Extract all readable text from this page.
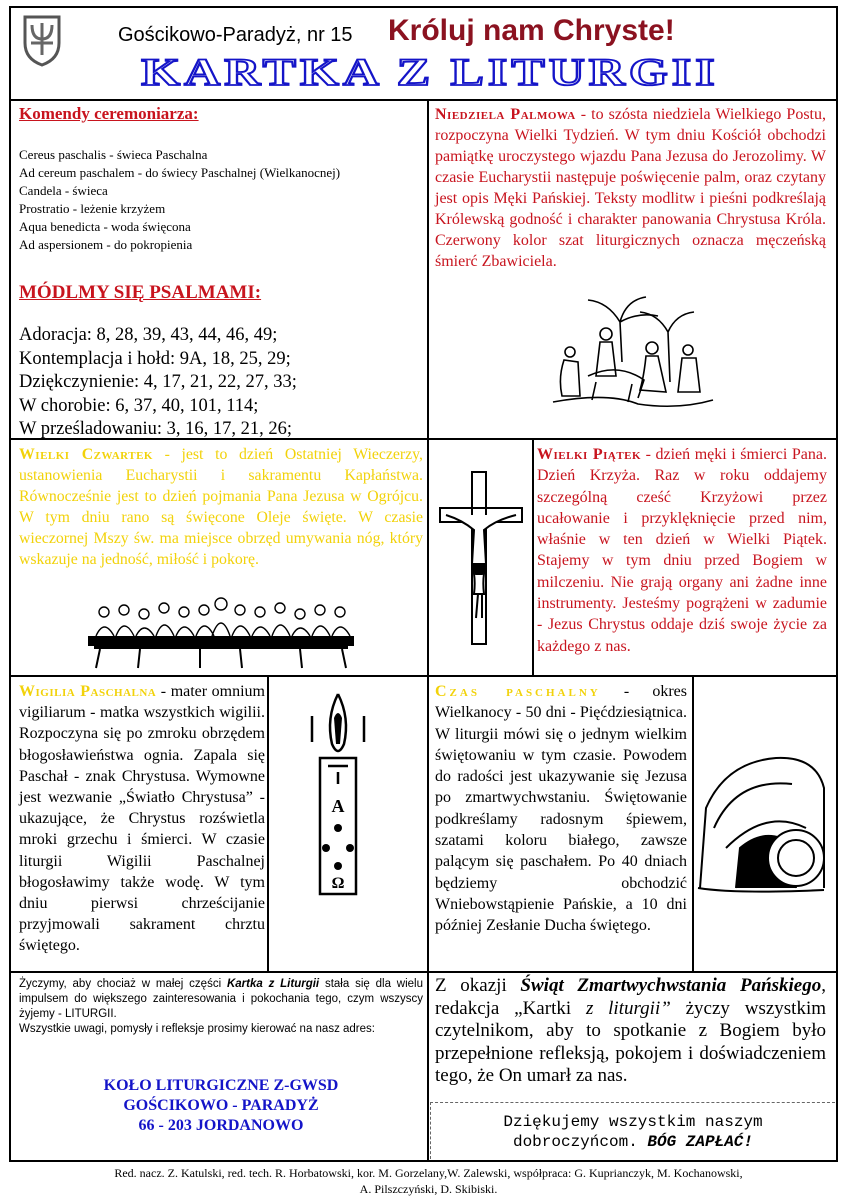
Gościkowo-Paradyż, nr 15 Króluj nam Chryste!
KARTKA Z LITURGII
Komendy ceremoniarza:
Cereus paschalis - świeca Paschalna
Ad cereum paschalem - do świecy Paschalnej (Wielkanocnej)
Candela - świeca
Prostratio - leżenie krzyżem
Aqua benedicta - woda święcona
Ad aspersionem - do pokropienia
MÓDLMY SIĘ PSALMAMI:
Adoracja: 8, 28, 39, 43, 44, 46, 49;
Kontemplacja i hołd: 9A, 18, 25, 29;
Dziękczynienie: 4, 17, 21, 22, 27, 33;
W chorobie: 6, 37, 40, 101, 114;
W prześladowaniu: 3, 16, 17, 21, 26;
Niedziela Palmowa - to szósta niedziela Wielkiego Postu, rozpoczyna Wielki Tydzień. W tym dniu Kościół obchodzi pamiątkę uroczystego wjazdu Pana Jezusa do Jerozolimy. W czasie Eucharystii następuje poświęcenie palm, oraz czytany jest opis Męki Pańskiej. Teksty modlitw i pieśni podkreślają Królewską godność i charakter panowania Chrystusa Króla. Czerwony kolor szat liturgicznych oznacza męczeńską śmierć Zbawiciela.
Wielki Czwartek - jest to dzień Ostatniej Wieczerzy, ustanowienia Eucharystii i sakramentu Kapłaństwa. Równocześnie jest to dzień pojmania Pana Jezusa w Ogrójcu. W tym dniu rano są święcone Oleje święte. W czasie wieczornej Mszy św. ma miejsce obrzęd umywania nóg, który wskazuje na jedność, miłość i pokorę.
Wielki Piątek - dzień męki i śmierci Pana. Dzień Krzyża. Raz w roku oddajemy szczególną cześć Krzyżowi przez ucałowanie i przyklęknięcie przed nim, właśnie w ten dzień w Wielki Piątek. Stajemy w tym dniu przed Bogiem w milczeniu. Nie grają organy ani żadne inne instrumenty. Jesteśmy pogrążeni w zadumie - Jezus Chrystus oddaje dziś swoje życie za każdego z nas.
Wigilia Paschalna - mater omnium vigiliarum - matka wszystkich wigilii. Rozpoczyna się po zmroku obrzędem błogosławieństwa ognia. Zapala się Paschał - znak Chrystusa. Wymowne jest wezwanie „Światło Chrystusa” - ukazujące, że Chrystus rozświetla mroki grzechu i śmierci. W czasie liturgii Wigilii Paschalnej błogosławimy także wodę. W tym dniu pierwsi chrześcijanie przyjmowali sakrament chrztu świętego.
A
Ω
Czas paschalny - okres Wielkanocy - 50 dni - Pięćdziesiątnica. W liturgii mówi się o jednym wielkim świętowaniu w tym czasie. Powodem do radości jest ukazywanie się Jezusa po zmartwychwstaniu. Świętowanie podkreślamy radosnym śpiewem, szatami koloru białego, zawsze palącym się paschałem. Po 40 dniach będziemy obchodzić Wniebowstąpienie Pańskie, a 10 dni później Zesłanie Ducha świętego.
Życzymy, aby chociaż w małej części Kartka z Liturgii stała się dla wielu impulsem do większego zainteresowania i pokochania tego, czym wszyscy żyjemy - LITURGII.
Wszystkie uwagi, pomysły i refleksje prosimy kierować na nasz adres:
KOŁO LITURGICZNE Z-GWSD
GOŚCIKOWO - PARADYŻ
66 - 203 JORDANOWO
Z okazji Świąt Zmartwychwstania Pańskiego, redakcja „Kartki z liturgii” życzy wszystkim czytelnikom, aby to spotkanie z Bogiem było przepełnione refleksją, pokojem i doświadczeniem tego, że On umarł za nas.
Dziękujemy wszystkim naszym
dobroczyńcom. BÓG ZAPŁAĆ!
Red. nacz. Z. Katulski, red. tech. R. Horbatowski, kor. M. Gorzelany,W. Zalewski, współpraca: G. Kuprianczyk, M. Kochanowski,
A. Pilszczyński, D. Skibiski.
